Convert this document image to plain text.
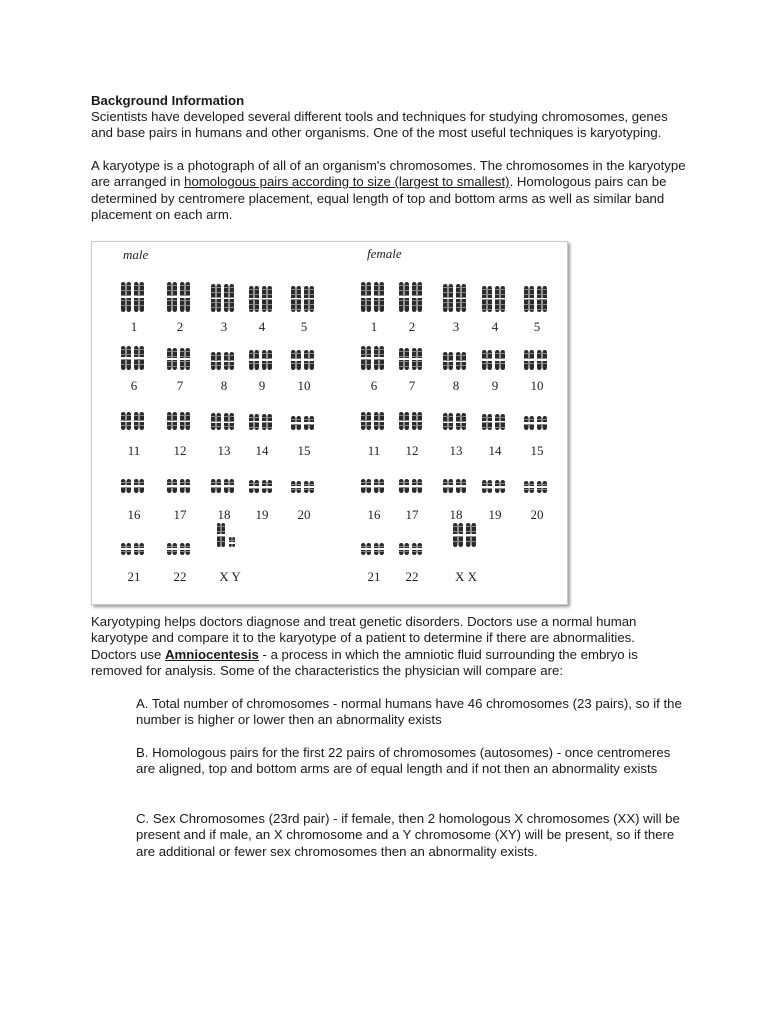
Background Information
Scientists have developed several different tools and techniques for studying chromosomes, genes and base pairs in humans and other organisms. One of the most useful techniques is karyotyping.
A karyotype is a photograph of all of an organism's chromosomes. The chromosomes in the karyotype are arranged in homologous pairs according to size (largest to smallest). Homologous pairs can be determined by centromere placement, equal length of top and bottom arms as well as similar band placement on each arm.
male	female
1	2	3	4	5
6	7	8	9	10
11	12	13	14	15
16	17	18	19	20
21	22	X Y
1	2	3	4	5
6	7	8	9	10
11	12	13	14	15
16	17	18	19	20
21	22	X X
Karyotyping helps doctors diagnose and treat genetic disorders. Doctors use a normal human karyotype and compare it to the karyotype of a patient to determine if there are abnormalities.
Doctors use Amniocentesis - a process in which the amniotic fluid surrounding the embryo is removed for analysis. Some of the characteristics the physician will compare are:
A. Total number of chromosomes - normal humans have 46 chromosomes (23 pairs), so if the number is higher or lower then an abnormality exists
B. Homologous pairs for the first 22 pairs of chromosomes (autosomes) - once centromeres are aligned, top and bottom arms are of equal length and if not then an abnormality exists
C. Sex Chromosomes (23rd pair) - if female, then 2 homologous X chromosomes (XX) will be present and if male, an X chromosome and a Y chromosome (XY) will be present, so if there are additional or fewer sex chromosomes then an abnormality exists.
